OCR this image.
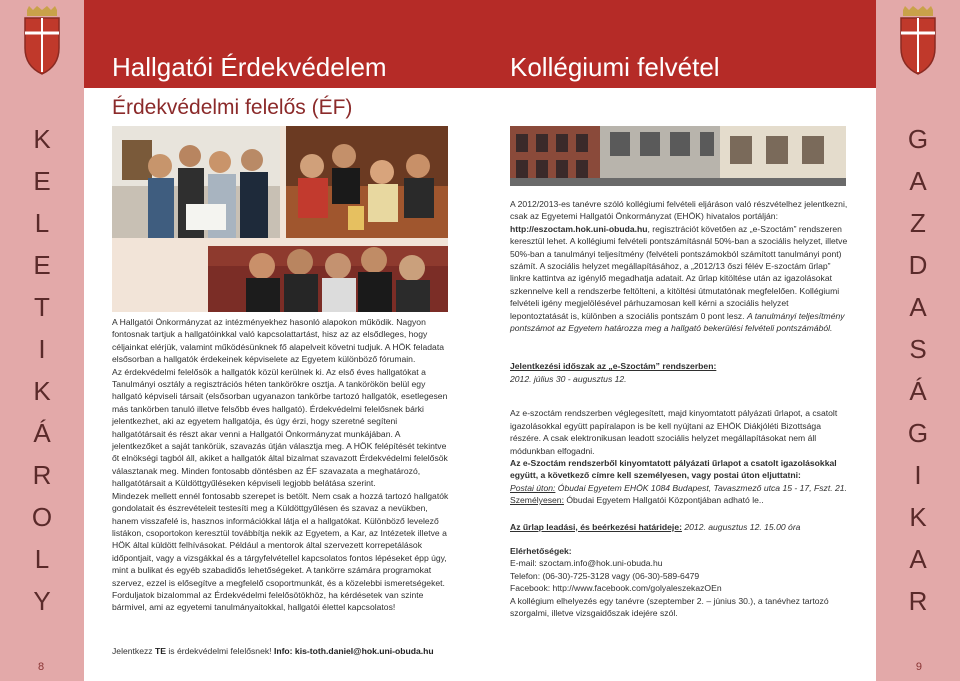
K
E
L
E
T
I
K
Á
R
O
L
Y
8
G
A
Z
D
A
S
Á
G
I
K
A
R
9
Hallgatói Érdekvédelem	Kollégiumi felvétel
Érdekvédelmi felelős (ÉF)

A Hallgatói Önkormányzat az intézményekhez hasonló alapokon működik. Nagyon fontosnak tartjuk a hallgatóinkkal való kapcsolattartást, hisz az az elsődleges, hogy céljainkat elérjük, valamint működésünknek fő alapelveit követni tudjuk. A HÖK feladata elsősorban a hallgatók érdekeinek képviselete az Egyetem különböző fórumain.

Az érdekvédelmi felelősök a hallgatók közül kerülnek ki. Az első éves hallgatókat a Tanulmányi osztály a regisztrációs héten tankörökre osztja. A tankörökön belül egy hallgató képviseli társait (elsősorban ugyanazon tankörbe tartozó hallgatók, esetlegesen más tankörben tanuló illetve felsőbb éves hallgató). Érdekvédelmi felelősnek bárki jelentkezhet, aki az egyetem hallgatója, és úgy érzi, hogy szeretné segíteni hallgatótársait és részt akar venni a Hallgatói Önkormányzat munkájában. A jelentkezőket a saját tankörük, szavazás útján választja meg. A HÖK felépítését tekintve őt elnökségi tagból áll, akiket a hallgatók által bizalmat szavazott Érdekvédelmi felelősök választanak meg. Minden fontosabb döntésben az ÉF szavazata a meghatározó, hallgatótársait a Küldöttgyűléseken képviseli legjobb belátása szerint.

Mindezek mellett ennél fontosabb szerepet is betölt. Nem csak a hozzá tartozó hallgatók gondolatait és észrevételeit testesíti meg a Küldöttgyűlésen és szavaz a nevükben, hanem visszafelé is, hasznos információkkal látja el a hallgatókat. Különböző levelező listákon, csoportokon keresztül továbbítja nekik az Egyetem, a Kar, az Intézetek illetve a HÖK által küldött felhívásokat. Például a mentorok által szervezett korrepetálások időpontjait, vagy a vizsgákkal és a tárgyfelvétellel kapcsolatos fontos lépéseket épp úgy, mint a bulikat és egyéb szabadidős lehetőségeket. A tankörre számára programokat szervez, ezzel is elősegítve a megfelelő csoportmunkát, és a közelebbi ismeretségeket. Forduljatok bizalommal az Érdekvédelmi felelősötökhöz, ha kérdésetek van szinte bármivel, ami az egyetemi tanulmányaitokkal, hallgatói élettel kapcsolatos!

Jelentkezz TE is érdekvédelmi felelősnek! Info: kis-toth.daniel@hok.uni-obuda.hu

A 2012/2013-es tanévre szóló kollégiumi felvételi eljáráson való részvételhez jelentkezni, csak az Egyetemi Hallgatói Önkormányzat (EHÖK) hivatalos portálján: http://eszoctam.hok.uni-obuda.hu, regisztrációt követően az „e-Szoctám” rendszeren keresztül lehet. A kollégiumi felvételi pontszámításnál 50%-ban a szociális helyzet, illetve 50%-ban a tanulmányi teljesítmény (felvételi pontszámokból számított tanulmányi pont) számít. A szociális helyzet megállapításához, a „2012/13 őszi félév E-szoctám űrlap” linkre kattintva az igénylő megadhatja adatait. Az űrlap kitöltése után az igazolásokat szkennelve kell a rendszerbe feltölteni, a kitöltési útmutatónak megfelelően. Kollégiumi felvételi igény megjelölésével párhuzamosan kell kérni a szociális helyzet lepontoztatását is, különben a szociális pontszám 0 pont lesz. A tanulmányi teljesítmény pontszámot az Egyetem határozza meg a hallgató bekerülési felvételi pontszámából.

Jelentkezési időszak az „e-Szoctám” rendszerben:

2012. július 30 - augusztus 12.

Az e-szoctám rendszerben véglegesített, majd kinyomtatott pályázati űrlapot, a csatolt igazolásokkal együtt papíralapon is be kell nyújtani az EHÖK Diákjóléti Bizottsága részére. A csak elektronikusan leadott szociális helyzet megállapításokat nem áll módunkban elfogadni.

Az e-Szoctám rendszerből kinyomtatott pályázati űrlapot a csatolt igazolásokkal együtt, a következő címre kell személyesen, vagy postai úton eljuttatni:

Postai úton: Óbudai Egyetem EHÖK 1084 Budapest, Tavaszmező utca 15 - 17, Fszt. 21.

Személyesen: Óbudai Egyetem Hallgatói Központjában adható le..

Az űrlap leadási, és beérkezési határideje: 2012. augusztus 12. 15.00 óra

Elérhetőségek:

E-mail: szoctam.info@hok.uni-obuda.hu

Telefon: (06-30)-725-3128 vagy (06-30)-589-6479

Facebook: http://www.facebook.com/golyaleszekazOEn

A kollégium elhelyezés egy tanévre (szeptember 2. – június 30.), a tanévhez tartozó szorgalmi, illetve vizsgaidőszak idejére szól.
